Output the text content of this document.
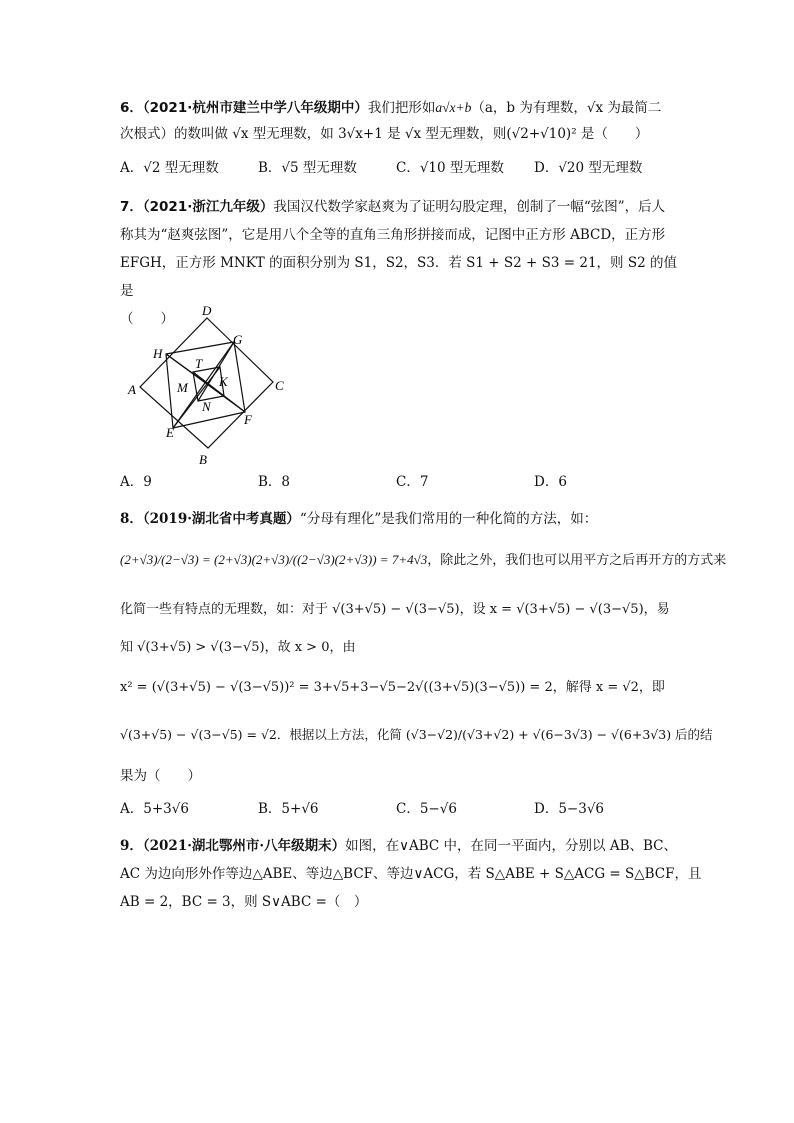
6．（2021·杭州市建兰中学八年级期中）我们把形如a√x+b（a，b 为有理数，√x 为最简二
次根式）的数叫做 √x 型无理数，如 3√x+1 是 √x 型无理数，则(√2+√10)² 是（　　）
A．√2 型无理数	B．√5 型无理数	C．√10 型无理数 D．√20 型无理数
7．（2021·浙江九年级）我国汉代数学家赵爽为了证明勾股定理，创制了一幅“弦图”，后人
称其为“赵爽弦图”，它是用八个全等的直角三角形拼接而成，记图中正方形 ABCD，正方形
EFGH，正方形 MNKT 的面积分别为 S1，S2，S3．若 S1 + S2 + S3 = 21，则 S2 的值是
（　　）
D
G
H
T
A	M K	C
N
E
F
B
A．9	B．8	C．7	D．6
8．（2019·湖北省中考真题）“分母有理化”是我们常用的一种化简的方法，如：
(2+√3)/(2−√3) = (2+√3)(2+√3)/((2−√3)(2+√3)) = 7+4√3，除此之外，我们也可以用平方之后再开方的方式来
化简一些有特点的无理数，如：对于 √(3+√5) − √(3−√5)，设 x = √(3+√5) − √(3−√5)，易
知 √(3+√5) > √(3−√5)，故 x > 0，由
x² = (√(3+√5) − √(3−√5))² = 3+√5+3−√5−2√((3+√5)(3−√5)) = 2，解得 x = √2，即
√(3+√5) − √(3−√5) = √2．根据以上方法，化简 (√3−√2)/(√3+√2) + √(6−3√3) − √(6+3√3) 后的结
果为（　　）
A．5+3√6	B．5+√6	C．5−√6	D．5−3√6
9．（2021·湖北鄂州市·八年级期末）如图，在∨ABC 中，在同一平面内，分别以 AB、BC、
AC 为边向形外作等边△ABE、等边△BCF、等边∨ACG，若 S△ABE + S△ACG = S△BCF，且
AB = 2，BC = 3，则 S∨ABC =（　）
